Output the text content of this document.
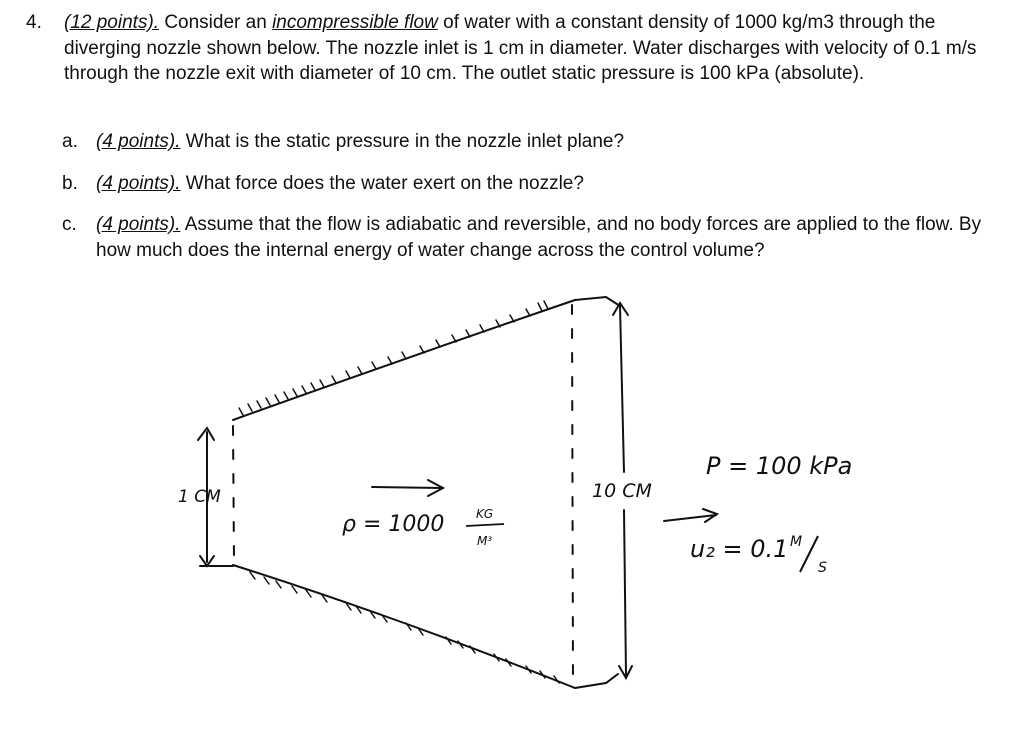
4. (12 points). Consider an incompressible flow of water with a constant density of 1000 kg/m3 through the diverging nozzle shown below. The nozzle inlet is 1 cm in diameter. Water discharges with velocity of 0.1 m/s through the nozzle exit with diameter of 10 cm. The outlet static pressure is 100 kPa (absolute).
a. (4 points). What is the static pressure in the nozzle inlet plane?
b. (4 points). What force does the water exert on the nozzle?
c. (4 points). Assume that the flow is adiabatic and reversible, and no body forces are applied to the flow. By how much does the internal energy of water change across the control volume?
1 CM	10 CM
ρ = 1000	KG
M³
P = 100 kPa
u₂ = 0.1 M
S
